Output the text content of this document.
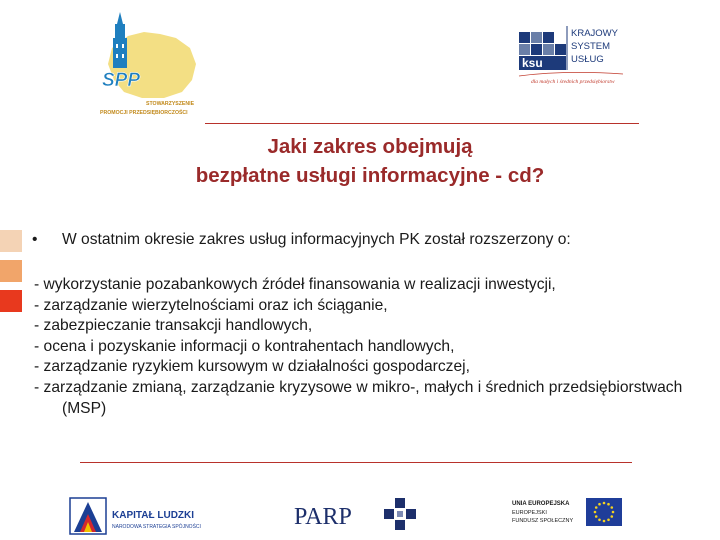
SPP
STOWARZYSZENIE
PROMOCJI PRZEDSIĘBIORCZOŚCI
ksu
KRAJOWY
SYSTEM
USŁUG
dla małych i średnich przedsiębiorstw
Jaki zakres obejmują
bezpłatne usługi informacyjne - cd?

• W ostatnim okresie zakres usług informacyjnych PK został rozszerzony o:

- wykorzystanie pozabankowych źródeł finansowania w realizacji inwestycji,
- zarządzanie wierzytelnościami oraz ich ściąganie,
- zabezpieczanie transakcji handlowych,
- ocena i pozyskanie informacji o kontrahentach handlowych,
- zarządzanie ryzykiem kursowym w działalności gospodarczej,
- zarządzanie zmianą, zarządzanie kryzysowe w mikro-, małych i średnich przedsiębiorstwach (MSP)
KAPITAŁ LUDZKI
NARODOWA STRATEGIA SPÓJNOŚCI	PARP	UNIA EUROPEJSKA
EUROPEJSKI
FUNDUSZ SPOŁECZNY
